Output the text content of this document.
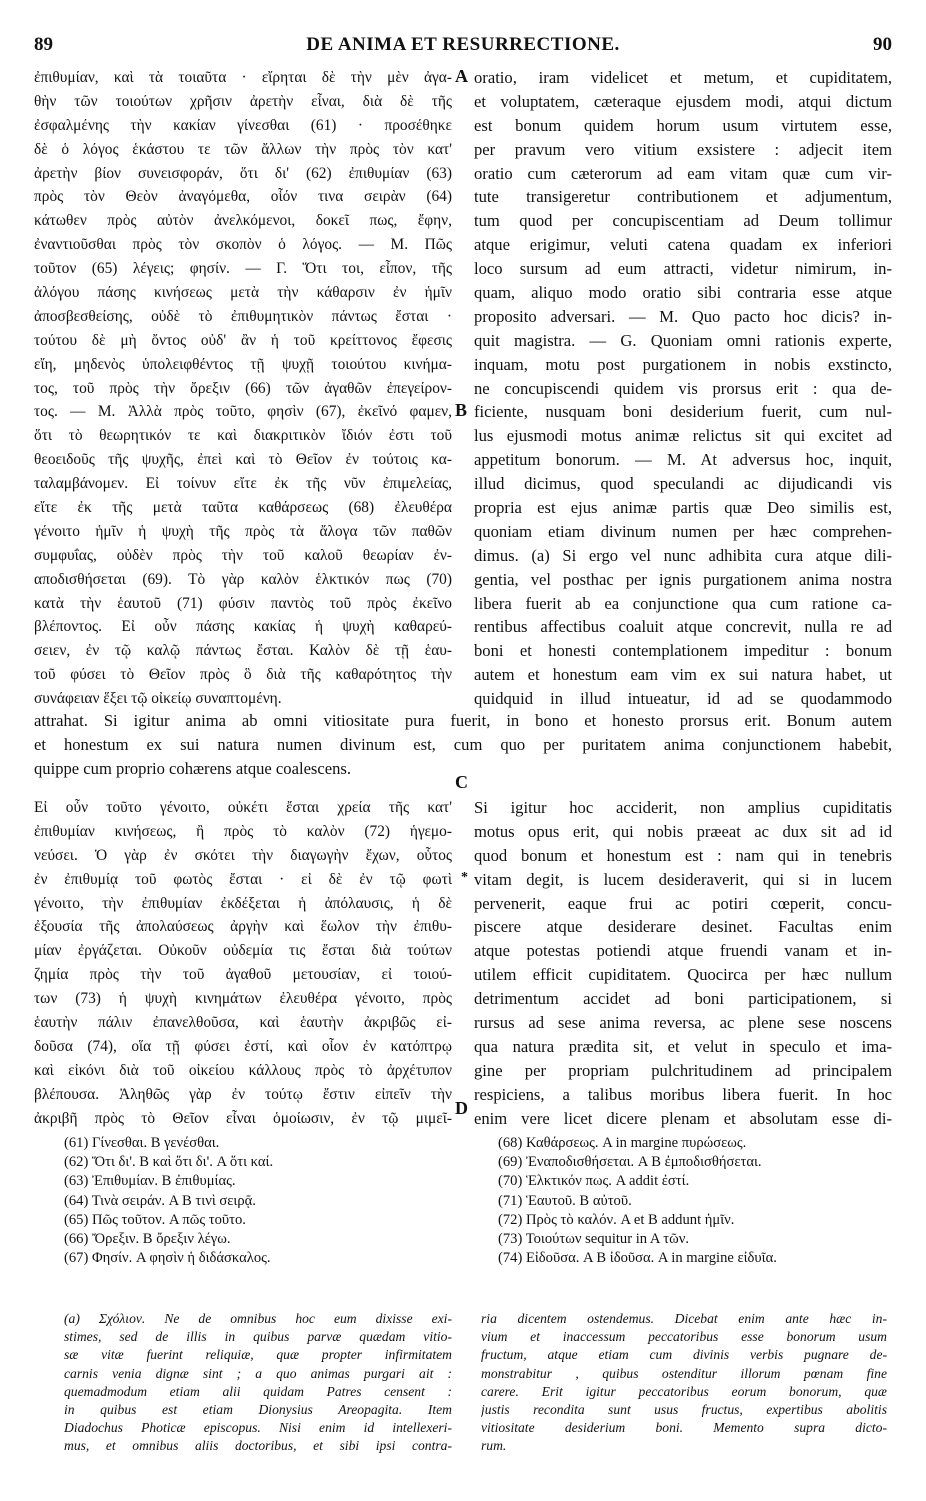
89	DE ANIMA ET RESURRECTIONE.	90
ἐπιθυμίαν, καὶ τὰ τοιαῦτα · εἴρηται δὲ τὴν μὲν ἀγα-
θὴν τῶν τοιούτων χρῆσιν ἀρετὴν εἶναι, διὰ δὲ τῆς
ἐσφαλμένης τὴν κακίαν γίνεσθαι (61) · προσέθηκε
δὲ ὁ λόγος ἑκάστου τε τῶν ἄλλων τὴν πρὸς τὸν κατ'
ἀρετὴν βίον συνεισφοράν, ὅτι δι' (62) ἐπιθυμίαν (63)
πρὸς τὸν Θεὸν ἀναγόμεθα, οἷόν τινα σειρὰν (64)
κάτωθεν πρὸς αὐτὸν ἀνελκόμενοι, δοκεῖ πως, ἔφην,
ἐναντιοῦσθαι πρὸς τὸν σκοπὸν ὁ λόγος. — Μ. Πῶς
τοῦτον (65) λέγεις; φησίν. — Γ. Ὅτι τοι, εἶπον, τῆς
ἀλόγου πάσης κινήσεως μετὰ τὴν κάθαρσιν ἐν ἡμῖν
ἀποσβεσθείσης, οὐδὲ τὸ ἐπιθυμητικὸν πάντως ἔσται ·
τούτου δὲ μὴ ὄντος οὐδ' ἂν ἡ τοῦ κρείττονος ἔφεσις
εἴη, μηδενὸς ὑπολειφθέντος τῇ ψυχῇ τοιούτου κινήμα-
τος, τοῦ πρὸς τὴν ὄρεξιν (66) τῶν ἀγαθῶν ἐπεγείρον-
τος. — Μ. Ἀλλὰ πρὸς τοῦτο, φησὶν (67), ἐκεῖνό φαμεν,
ὅτι τὸ θεωρητικόν τε καὶ διακριτικὸν ἴδιόν ἐστι τοῦ
θεοειδοῦς τῆς ψυχῆς, ἐπεὶ καὶ τὸ Θεῖον ἐν τούτοις κα-
ταλαμβάνομεν. Εἰ τοίνυν εἴτε ἐκ τῆς νῦν ἐπιμελείας,
εἴτε ἐκ τῆς μετὰ ταῦτα καθάρσεως (68) ἐλευθέρα
γένοιτο ἡμῖν ἡ ψυχὴ τῆς πρὸς τὰ ἄλογα τῶν παθῶν
συμφυΐας, οὐδὲν πρὸς τὴν τοῦ καλοῦ θεωρίαν ἐν-
αποδισθήσεται (69). Τὸ γὰρ καλὸν ἑλκτικόν πως (70)
κατὰ τὴν ἑαυτοῦ (71) φύσιν παντὸς τοῦ πρὸς ἐκεῖνο
βλέποντος. Εἰ οὖν πάσης κακίας ἡ ψυχὴ καθαρεύ-
σειεν, ἐν τῷ καλῷ πάντως ἔσται. Καλὸν δὲ τῇ ἑαυ-
τοῦ φύσει τὸ Θεῖον πρὸς ὃ διὰ τῆς καθαρότητος τὴν
συνάφειαν ἕξει τῷ οἰκείῳ συναπτομένη.
oratio, iram videlicet et metum, et cupiditatem,
et voluptatem, cæteraque ejusdem modi, atqui dictum
est bonum quidem horum usum virtutem esse,
per pravum vero vitium exsistere : adjecit item
oratio cum cæterorum ad eam vitam quæ cum vir-
tute transigeretur contributionem et adjumentum,
tum quod per concupiscentiam ad Deum tollimur
atque erigimur, veluti catena quadam ex inferiori
loco sursum ad eum attracti, videtur nimirum, in-
quam, aliquo modo oratio sibi contraria esse atque
proposito adversari. — M. Quo pacto hoc dicis? in-
quit magistra. — G. Quoniam omni rationis experte,
inquam, motu post purgationem in nobis exstincto,
ne concupiscendi quidem vis prorsus erit : qua de-
ficiente, nusquam boni desiderium fuerit, cum nul-
lus ejusmodi motus animæ relictus sit qui excitet ad
appetitum bonorum. — M. At adversus hoc, inquit,
illud dicimus, quod speculandi ac dijudicandi vis
propria est ejus animæ partis quæ Deo similis est,
quoniam etiam divinum numen per hæc comprehen-
dimus. (a) Si ergo vel nunc adhibita cura atque dili-
gentia, vel posthac per ignis purgationem anima nostra
libera fuerit ab ea conjunctione qua cum ratione ca-
rentibus affectibus coaluit atque concrevit, nulla re ad
boni et honesti contemplationem impeditur : bonum
autem et honestum eam vim ex sui natura habet, ut
quidquid in illud intueatur, id ad se quodammodo
A
B
attrahat. Si igitur anima ab omni vitiositate pura fuerit, in bono et honesto prorsus erit. Bonum autem
et honestum ex sui natura numen divinum est, cum quo per puritatem anima conjunctionem habebit,
quippe cum proprio cohærens atque coalescens.
C
Εἰ οὖν τοῦτο γένοιτο, οὐκέτι ἔσται χρεία τῆς κατ'
ἐπιθυμίαν κινήσεως, ἢ πρὸς τὸ καλὸν (72) ἡγεμο-
νεύσει. Ὁ γὰρ ἐν σκότει τὴν διαγωγὴν ἔχων, οὗτος
ἐν ἐπιθυμίᾳ τοῦ φωτὸς ἔσται · εἰ δὲ ἐν τῷ φωτὶ
γένοιτο, τὴν ἐπιθυμίαν ἐκδέξεται ἡ ἀπόλαυσις, ἡ δὲ
ἐξουσία τῆς ἀπολαύσεως ἀργὴν καὶ ἕωλον τὴν ἐπιθυ-
μίαν ἐργάζεται. Οὐκοῦν οὐδεμία τις ἔσται διὰ τούτων
ζημία πρὸς τὴν τοῦ ἀγαθοῦ μετουσίαν, εἰ τοιού-
των (73) ἡ ψυχὴ κινημάτων ἐλευθέρα γένοιτο, πρὸς
ἑαυτὴν πάλιν ἐπανελθοῦσα, καὶ ἑαυτὴν ἀκριβῶς εἰ-
δοῦσα (74), οἵα τῇ φύσει ἐστί, καὶ οἷον ἐν κατόπτρῳ
καὶ εἰκόνι διὰ τοῦ οἰκείου κάλλους πρὸς τὸ ἀρχέτυπον
βλέπουσα. Ἀληθῶς γὰρ ἐν τούτῳ ἔστιν εἰπεῖν τὴν
ἀκριβῆ πρὸς τὸ Θεῖον εἶναι ὁμοίωσιν, ἐν τῷ μιμεῖ-
Si igitur hoc acciderit, non amplius cupiditatis
motus opus erit, qui nobis præeat ac dux sit ad id
quod bonum et honestum est : nam qui in tenebris
vitam degit, is lucem desideraverit, qui si in lucem
pervenerit, eaque frui ac potiri cœperit, concu-
piscere atque desiderare desinet. Facultas enim
atque potestas potiendi atque fruendi vanam et in-
utilem efficit cupiditatem. Quocirca per hæc nullum
detrimentum accidet ad boni participationem, si
rursus ad sese anima reversa, ac plene sese noscens
qua natura prædita sit, et velut in speculo et ima-
gine per propriam pulchritudinem ad principalem
respiciens, a talibus moribus libera fuerit. In hoc
enim vere licet dicere plenam et absolutam esse di-
*
D
(61) Γίνεσθαι. B γενέσθαι.
(62) Ὅτι δι'. B καὶ ὅτι δι'. A ὅτι καί.
(63) Ἐπιθυμίαν. B ἐπιθυμίας.
(64) Τινὰ σειράν. A B τινὶ σειρᾷ.
(65) Πῶς τοῦτον. A πῶς τοῦτο.
(66) Ὄρεξιν. B ὄρεξιν λέγω.
(67) Φησίν. A φησὶν ἡ διδάσκαλος.
(68) Καθάρσεως. A in margine πυρώσεως.
(69) Ἐναποδισθήσεται. A B ἐμποδισθήσεται.
(70) Ἑλκτικόν πως. A addit ἐστί.
(71) Ἑαυτοῦ. B αὐτοῦ.
(72) Πρὸς τὸ καλόν. A et B addunt ἡμῖν.
(73) Τοιούτων sequitur in A τῶν.
(74) Εἰδοῦσα. A B ἰδοῦσα. A in margine εἰδυῖα.
(a) Σχόλιον. Ne de omnibus hoc eum dixisse exi-
stimes, sed de illis in quibus parvæ quædam vitio-
sæ vitæ fuerint reliquiæ, quæ propter infirmitatem
carnis venia dignæ sint ; a quo animas purgari ait :
quemadmodum etiam alii quidam Patres censent :
in quibus est etiam Dionysius Areopagita. Item
Diadochus Photicæ episcopus. Nisi enim id intellexeri-
mus, et omnibus aliis doctoribus, et sibi ipsi contra-
ria dicentem ostendemus. Dicebat enim ante hæc in-
vium et inaccessum peccatoribus esse bonorum usum
fructum, atque etiam cum divinis verbis pugnare de-
monstrabitur , quibus ostenditur illorum pœnam fine
carere. Erit igitur peccatoribus eorum bonorum, quæ
justis recondita sunt usus fructus, expertibus abolitis
vitiositate desiderium boni. Memento supra dicto-
rum.
